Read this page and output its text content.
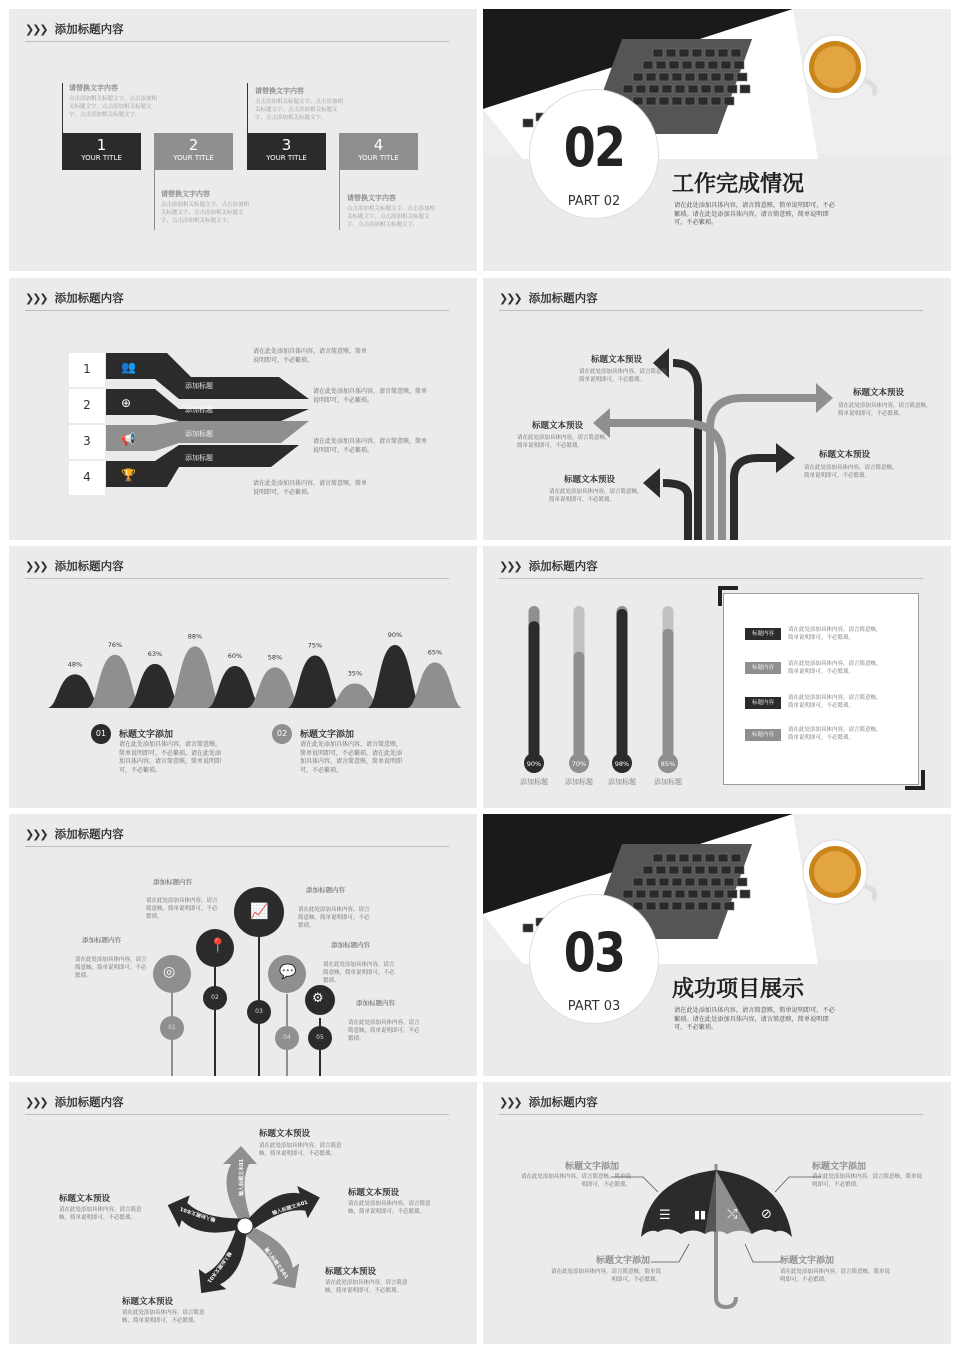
❯❯❯ 添加标题内容
请替换文字内容
点击添加相关标题文字，点击添加相关标题文字，点击添加相关标题文字，点击添加相关标题文字。
请替换文字内容
点击添加相关标题文字，点击添加相关标题文字，点击添加相关标题文字，点击添加相关标题文字。
1
YOUR TITLE
2
YOUR TITLE
3
YOUR TITLE
4
YOUR TITLE
请替换文字内容
点击添加相关标题文字，点击添加相关标题文字，点击添加相关标题文字，点击添加相关标题文字。
请替换文字内容
点击添加相关标题文字，点击添加相关标题文字，点击添加相关标题文字，点击添加相关标题文字。
02
PART 02
工作完成情况
请在此处添加具体内容，请言简意赅，简单说明即可，不必繁琐。请在此处添加具体内容，请言简意赅，简单说明即可，不必繁琐。
❯❯❯ 添加标题内容
1	👥
添加标题
2	⊕	添加标题
3	📢	添加标题
4	🏆
添加标题
请在此处添加具体内容，请言简意赅，简单说明即可，不必繁琐。
请在此处添加具体内容，请言简意赅，简单说明即可，不必繁琐。
请在此处添加具体内容，请言简意赅，简单说明即可，不必繁琐。
请在此处添加具体内容，请言简意赅，简单说明即可，不必繁琐。
❯❯❯ 添加标题内容
标题文本预设
请在此处添加具体内容，请言简意赅，简单说明即可，不必繁琐。
标题文本预设
请在此处添加具体内容，请言简意赅，简单说明即可，不必繁琐。
标题文本预设
请在此处添加具体内容，请言简意赅，简单说明即可，不必繁琐。
标题文本预设
请在此处添加具体内容，请言简意赅，简单说明即可，不必繁琐。
标题文本预设
请在此处添加具体内容，请言简意赅，简单说明即可，不必繁琐。
❯❯❯ 添加标题内容
48%
76%
63%
88%
60%	58%
75%
35%
90%
65%
01	标题文字添加
请在此处添加具体内容，请言简意赅，简单说明即可，不必繁琐。请在此处添加具体内容，请言简意赅，简单说明即可，不必繁琐。
02	标题文字添加
请在此处添加具体内容，请言简意赅，简单说明即可，不必繁琐。请在此处添加具体内容，请言简意赅，简单说明即可，不必繁琐。
❯❯❯ 添加标题内容
90%
添加标题
70%
添加标题
98%
添加标题
85%
添加标题
标题内容
请在此处添加具体内容，请言简意赅，简单说明即可，不必繁琐。
标题内容
请在此处添加具体内容，请言简意赅，简单说明即可，不必繁琐。
标题内容
请在此处添加具体内容，请言简意赅，简单说明即可，不必繁琐。
标题内容
请在此处添加具体内容，请言简意赅，简单说明即可，不必繁琐。
❯❯❯ 添加标题内容
◎
📍
📈
💬
⚙
01
02
03
04	05
添加标题内容
请在此处添加具体内容，请言简意赅，简单说明即可，不必繁琐。
添加标题内容
请在此处添加具体内容，请言简意赅，简单说明即可，不必繁琐。
添加标题内容
请在此处添加具体内容，请言简意赅，简单说明即可，不必繁琐。
添加标题内容
请在此处添加具体内容，请言简意赅，简单说明即可，不必繁琐。
添加标题内容
请在此处添加具体内容，请言简意赅，简单说明即可，不必繁琐。
03
PART 03
成功项目展示
请在此处添加具体内容，请言简意赅，简单说明即可，不必繁琐。请在此处添加具体内容，请言简意赅，简单说明即可，不必繁琐。
❯❯❯ 添加标题内容
输入标题文本01
输入标题文本01
输入标题文本01
输入标题文本01
输入标题文本01
标题文本预设
请在此处添加具体内容，请言简意赅，简单说明即可，不必繁琐。
标题文本预设
请在此处添加具体内容，请言简意赅，简单说明即可，不必繁琐。
标题文本预设
请在此处添加具体内容，请言简意赅，简单说明即可，不必繁琐。
标题文本预设
请在此处添加具体内容，请言简意赅，简单说明即可，不必繁琐。
标题文本预设
请在此处添加具体内容，请言简意赅，简单说明即可，不必繁琐。
❯❯❯ 添加标题内容
☰ ▮▮ ⤭ ⊘
标题文字添加
请在此处添加具体内容，请言简意赅，简单说明即可，不必繁琐。
标题文字添加
请在此处添加具体内容，请言简意赅，简单说明即可，不必繁琐。
标题文字添加
请在此处添加具体内容，请言简意赅，简单说明即可，不必繁琐。
标题文字添加
请在此处添加具体内容，请言简意赅，简单说明即可，不必繁琐。
